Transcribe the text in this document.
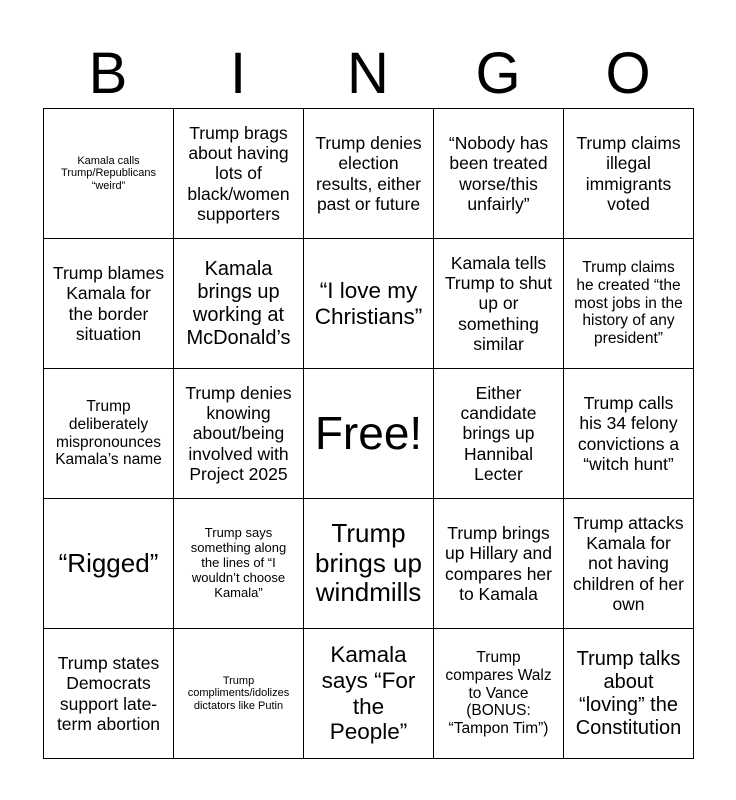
B	I	N	G	O
Kamala calls Trump/Republicans “weird”	Trump brags about having lots of black/women supporters	Trump denies election results, either past or future	“Nobody has been treated worse/this unfairly”	Trump claims illegal immigrants voted
Trump blames Kamala for the border situation	Kamala brings up working at McDonald’s	“I love my Christians”	Kamala tells Trump to shut up or something similar	Trump claims he created “the most jobs in the history of any president”
Trump deliberately mispronounces Kamala’s name	Trump denies knowing about/being involved with Project 2025	Free!	Either candidate brings up Hannibal Lecter	Trump calls his 34 felony convictions a “witch hunt”
“Rigged”	Trump says something along the lines of “I wouldn’t choose Kamala”	Trump brings up windmills	Trump brings up Hillary and compares her to Kamala	Trump attacks Kamala for not having children of her own
Trump states Democrats support late-term abortion	Trump compliments/idolizes dictators like Putin	Kamala says “For the People”	Trump compares Walz to Vance (BONUS: “Tampon Tim”)	Trump talks about “loving” the Constitution
